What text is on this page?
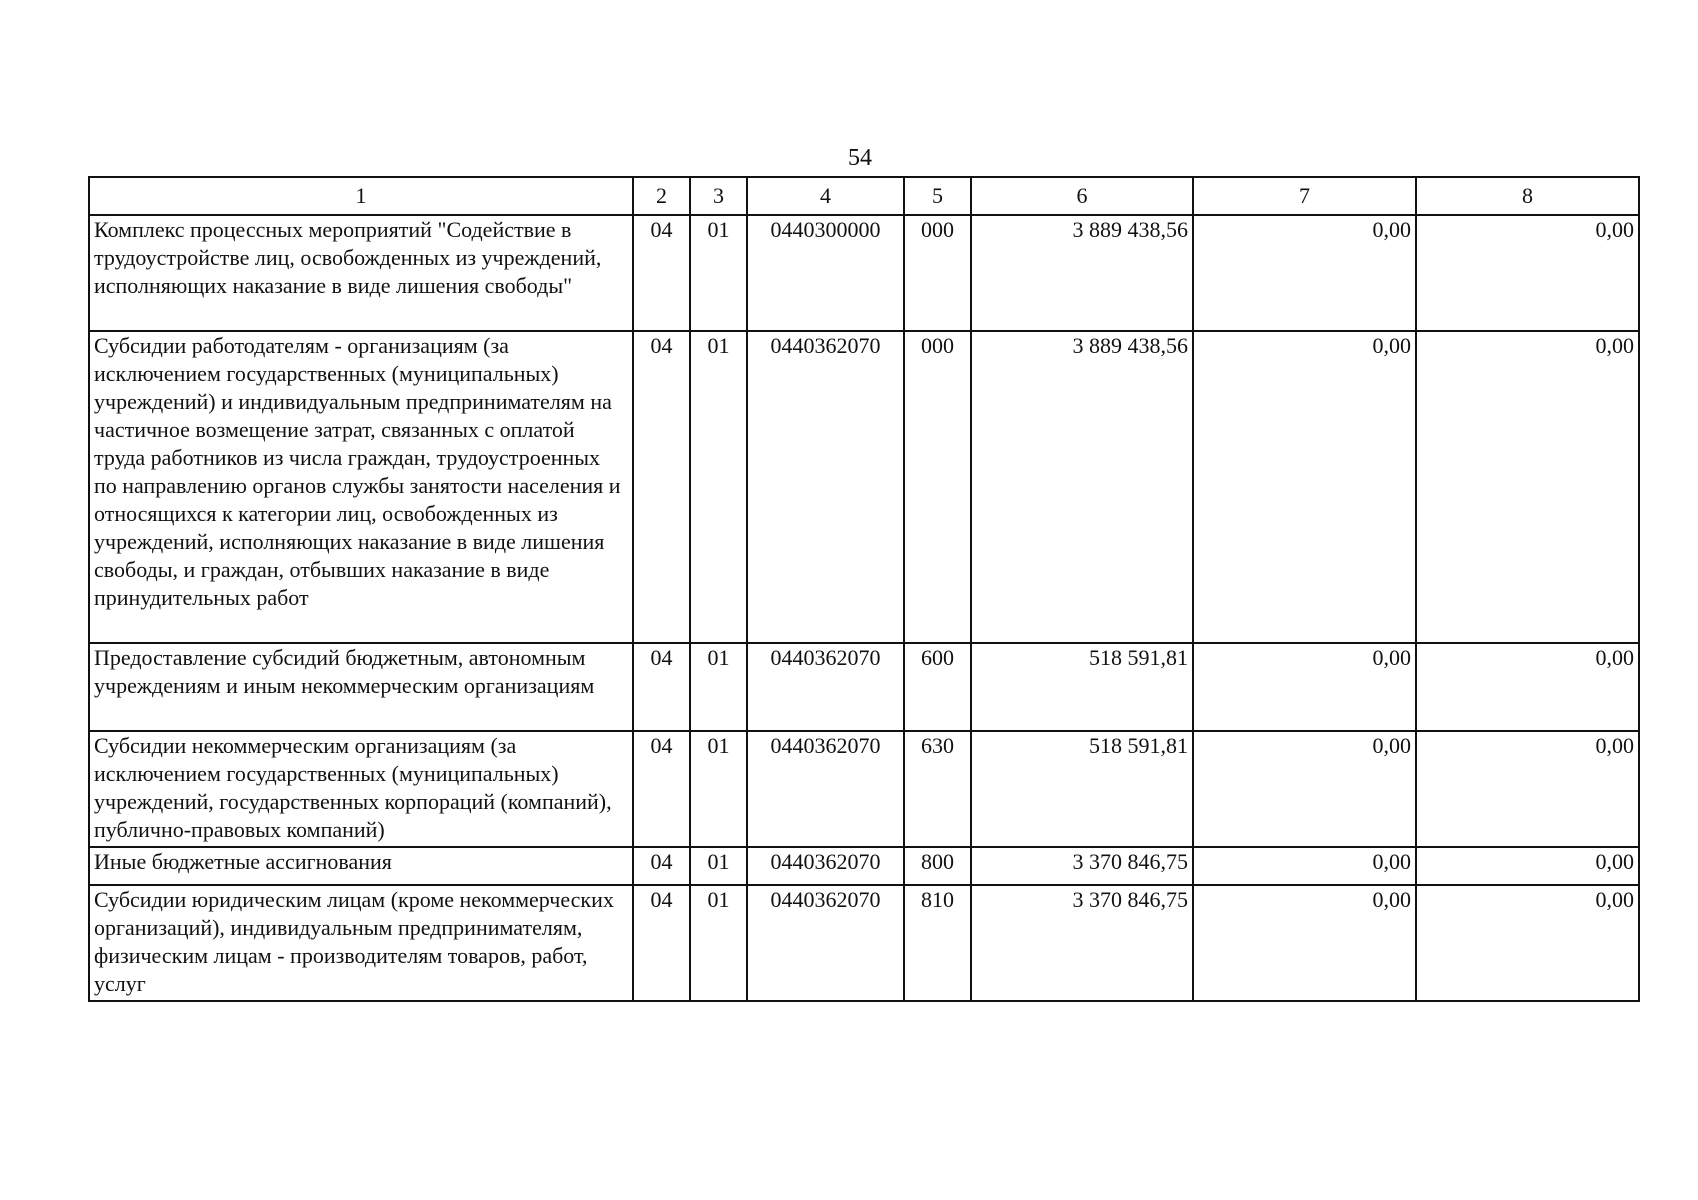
54
1	2	3	4	5	6	7	8
Комплекс процессных мероприятий "Содействие в трудоустройстве лиц, освобожденных из учреждений, исполняющих наказание в виде лишения свободы"	04	01	0440300000	000	3 889 438,56	0,00	0,00
Субсидии работодателям - организациям (за исключением государственных (муниципальных) учреждений) и индивидуальным предпринимателям на частичное возмещение затрат, связанных с оплатой труда работников из числа граждан, трудоустроенных по направлению органов службы занятости населения и относящихся к категории лиц, освобожденных из учреждений, исполняющих наказание в виде лишения свободы, и граждан, отбывших наказание в виде принудительных работ	04	01	0440362070	000	3 889 438,56	0,00	0,00
Предоставление субсидий бюджетным, автономным учреждениям и иным некоммерческим организациям	04	01	0440362070	600	518 591,81	0,00	0,00
Субсидии некоммерческим организациям (за исключением государственных (муниципальных) учреждений, государственных корпораций (компаний), публично-правовых компаний)	04	01	0440362070	630	518 591,81	0,00	0,00
Иные бюджетные ассигнования	04	01	0440362070	800	3 370 846,75	0,00	0,00
Субсидии юридическим лицам (кроме некоммерческих организаций), индивидуальным предпринимателям, физическим лицам - производителям товаров, работ, услуг	04	01	0440362070	810	3 370 846,75	0,00	0,00
